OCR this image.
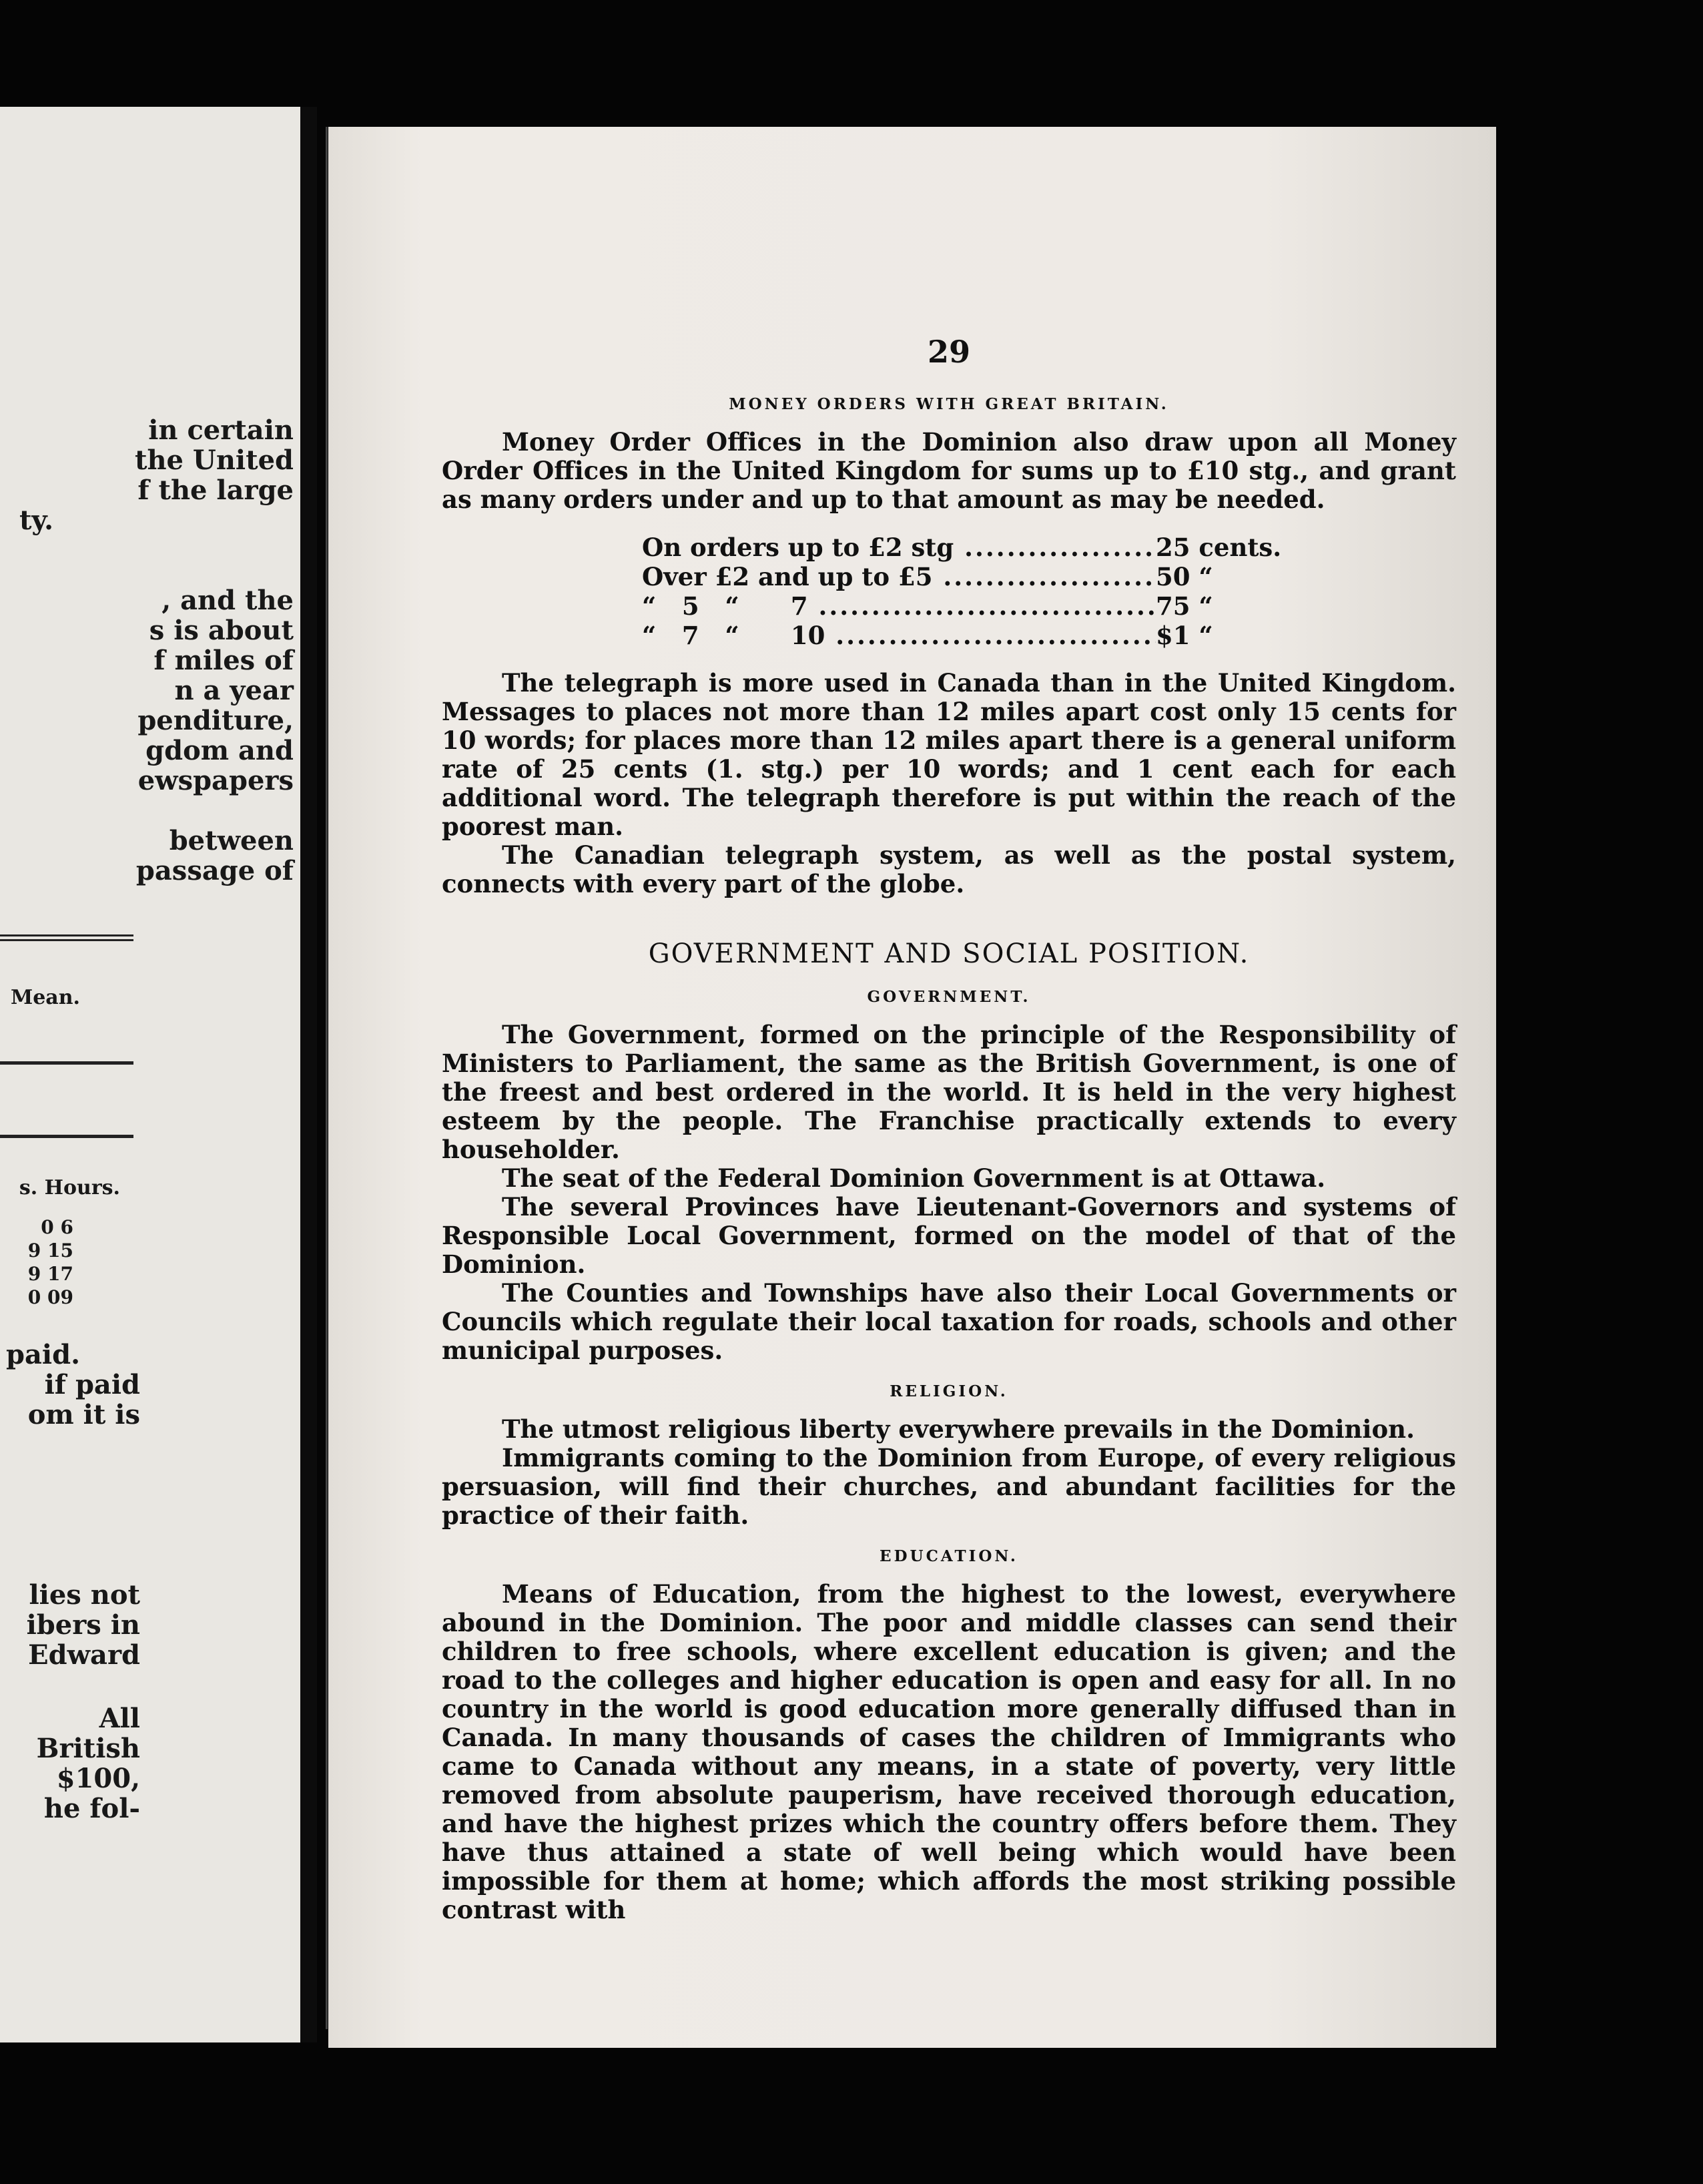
in certain
the United
f the large
ty.
, and the
s is about
f miles of
n a year
penditure,
gdom and
ewspapers
between
passage of
Mean.
s. Hours.
0 6
9 15
9 17
0 09
paid.
if paid
om it is
lies not
ibers in
Edward
All
British
$100,
he fol-
29
MONEY ORDERS WITH GREAT BRITAIN.

Money Order Offices in the Dominion also draw upon all Money Order Offices in the United Kingdom for sums up to £10 stg., and grant as many orders under and up to that amount as may be needed.

On orders up to £2 stg .....	25 cents.
Over £2 and up to £5 .....	50 “
“   5   “      7 .....	75 “
“   7   “      10 .....	$1 “

The telegraph is more used in Canada than in the United Kingdom. Messages to places not more than 12 miles apart cost only 15 cents for 10 words; for places more than 12 miles apart there is a general uniform rate of 25 cents (1. stg.) per 10 words; and 1 cent each for each additional word. The telegraph therefore is put within the reach of the poorest man.

The Canadian telegraph system, as well as the postal system, connects with every part of the globe.

GOVERNMENT AND SOCIAL POSITION.
GOVERNMENT.

The Government, formed on the principle of the Responsibility of Ministers to Parliament, the same as the British Government, is one of the freest and best ordered in the world. It is held in the very highest esteem by the people. The Franchise practically extends to every householder.

The seat of the Federal Dominion Government is at Ottawa.

The several Provinces have Lieutenant-Governors and systems of Responsible Local Government, formed on the model of that of the Dominion.

The Counties and Townships have also their Local Governments or Councils which regulate their local taxation for roads, schools and other municipal purposes.

RELIGION.

The utmost religious liberty everywhere prevails in the Dominion.

Immigrants coming to the Dominion from Europe, of every religious persuasion, will find their churches, and abundant facilities for the practice of their faith.

EDUCATION.

Means of Education, from the highest to the lowest, everywhere abound in the Dominion. The poor and middle classes can send their children to free schools, where excellent education is given; and the road to the colleges and higher education is open and easy for all. In no country in the world is good education more generally diffused than in Canada. In many thousands of cases the children of Immigrants who came to Canada without any means, in a state of poverty, very little removed from absolute pauperism, have received thorough education, and have the highest prizes which the country offers before them. They have thus attained a state of well being which would have been impossible for them at home; which affords the most striking possible contrast with
